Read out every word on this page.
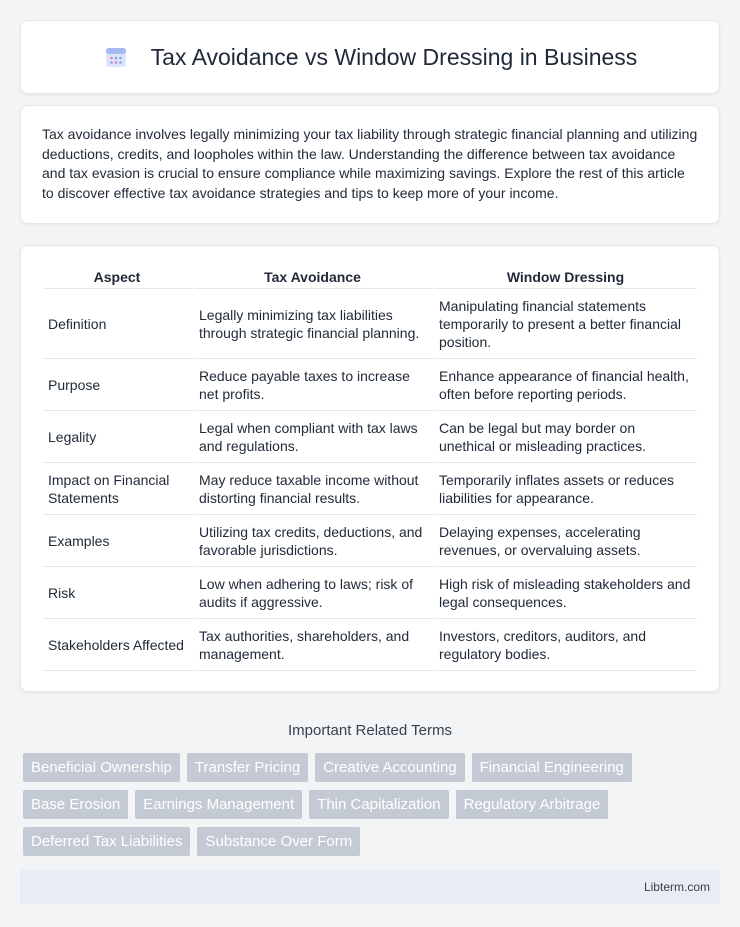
Tax Avoidance vs Window Dressing in Business
Tax avoidance involves legally minimizing your tax liability through strategic financial planning and utilizing deductions, credits, and loopholes within the law. Understanding the difference between tax avoidance and tax evasion is crucial to ensure compliance while maximizing savings. Explore the rest of this article to discover effective tax avoidance strategies and tips to keep more of your income.
Aspect	Tax Avoidance	Window Dressing
Definition	Legally minimizing tax liabilities through strategic financial planning.	Manipulating financial statements temporarily to present a better financial position.
Purpose	Reduce payable taxes to increase net profits.	Enhance appearance of financial health, often before reporting periods.
Legality	Legal when compliant with tax laws and regulations.	Can be legal but may border on unethical or misleading practices.
Impact on Financial Statements	May reduce taxable income without distorting financial results.	Temporarily inflates assets or reduces liabilities for appearance.
Examples	Utilizing tax credits, deductions, and favorable jurisdictions.	Delaying expenses, accelerating revenues, or overvaluing assets.
Risk	Low when adhering to laws; risk of audits if aggressive.	High risk of misleading stakeholders and legal consequences.
Stakeholders Affected	Tax authorities, shareholders, and management.	Investors, creditors, auditors, and regulatory bodies.
Important Related Terms
Beneficial Ownership	Transfer Pricing	Creative Accounting	Financial Engineering
Base Erosion	Earnings Management	Thin Capitalization	Regulatory Arbitrage
Deferred Tax Liabilities	Substance Over Form
Libterm.com
